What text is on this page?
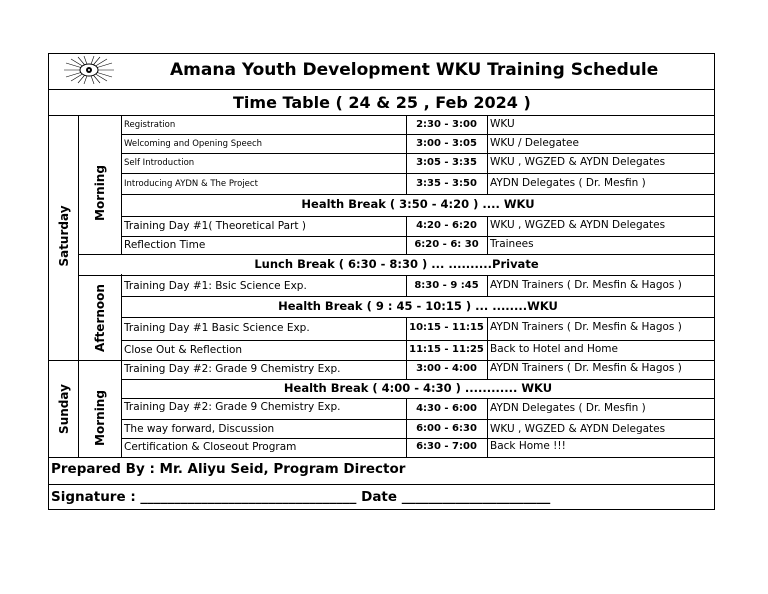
Amana Youth Development WKU Training Schedule
Time Table ( 24 & 25 , Feb 2024 )
Saturday
Sunday
Morning
Afternoon
Morning
Registration	2:30 - 3:00	WKU
Welcoming and Opening Speech	3:00 - 3:05	WKU / Delegatee
Self Introduction	3:05 - 3:35	WKU , WGZED & AYDN Delegates
Introducing AYDN & The Project	3:35 - 3:50	AYDN Delegates ( Dr. Mesfin )
Health Break ( 3:50 - 4:20 ) .... WKU
Training Day #1( Theoretical Part )	4:20 - 6:20	WKU , WGZED & AYDN Delegates
Reflection Time	6:20 - 6: 30	Trainees
Lunch Break ( 6:30 - 8:30 ) ... ..........Private
Training Day #1: Bsic Science Exp.	8:30 - 9 :45	AYDN Trainers ( Dr. Mesfin & Hagos )
Health Break ( 9 : 45 - 10:15 ) ... ........WKU
Training Day #1 Basic Science Exp.	10:15 - 11:15 AYDN Trainers ( Dr. Mesfin & Hagos )
Close Out & Reflection	11:15 - 11:25 Back to Hotel and Home
Training Day #2: Grade 9 Chemistry Exp.	3:00 - 4:00	AYDN Trainers ( Dr. Mesfin & Hagos )
Health Break ( 4:00 - 4:30 ) ............ WKU
Training Day #2: Grade 9 Chemistry Exp.	4:30 - 6:00	AYDN Delegates ( Dr. Mesfin )
The way forward, Discussion	6:00 - 6:30	WKU , WGZED & AYDN Delegates
Certification & Closeout Program	6:30 - 7:00	Back Home !!!
Prepared By : Mr. Aliyu Seid, Program Director
Signature : ________________________________ Date ______________________
